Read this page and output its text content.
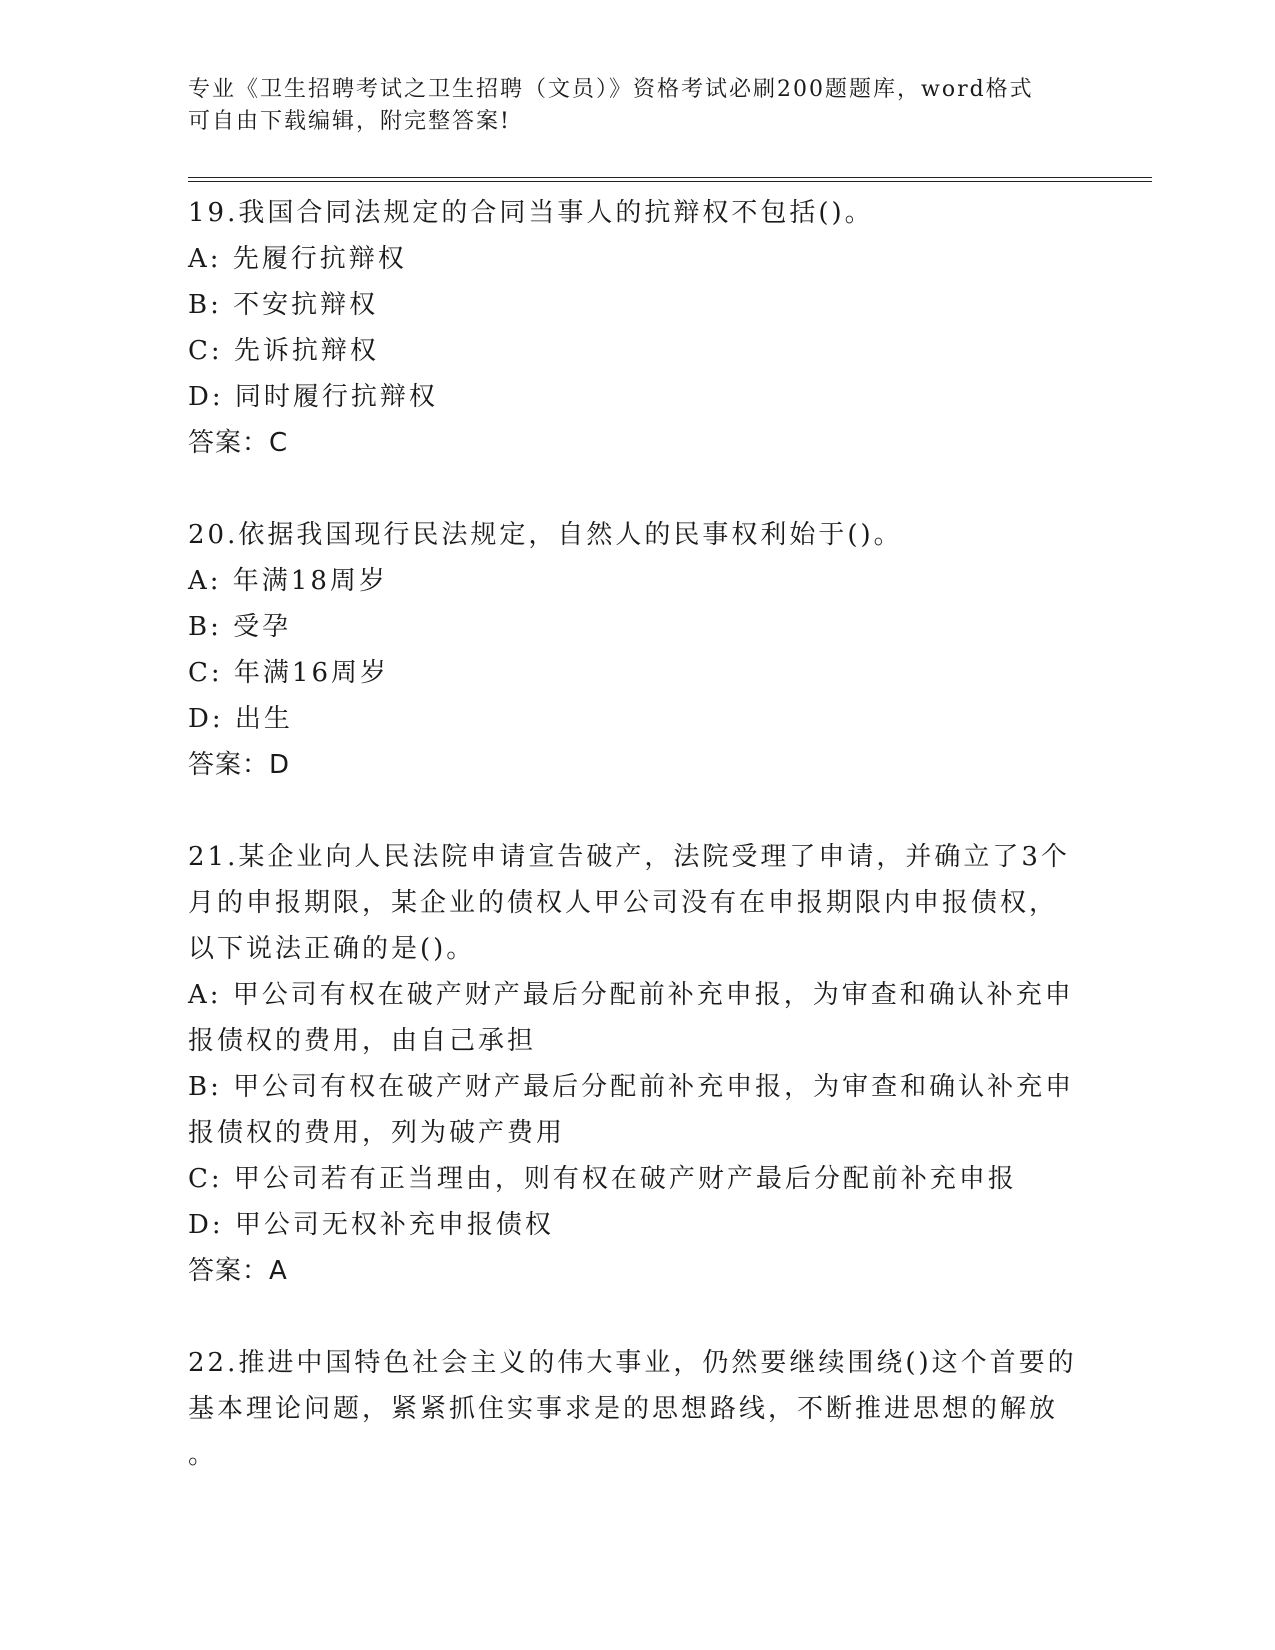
专业《卫生招聘考试之卫生招聘（文员）》资格考试必刷200题题库，word格式
可自由下载编辑，附完整答案!
19.我国合同法规定的合同当事人的抗辩权不包括()。
A: 先履行抗辩权
B: 不安抗辩权
C: 先诉抗辩权
D: 同时履行抗辩权
答案：C
20.依据我国现行民法规定，自然人的民事权利始于()。
A: 年满18周岁
B: 受孕
C: 年满16周岁
D: 出生
答案：D
21.某企业向人民法院申请宣告破产，法院受理了申请，并确立了3个
月的申报期限，某企业的债权人甲公司没有在申报期限内申报债权，
以下说法正确的是()。
A: 甲公司有权在破产财产最后分配前补充申报，为审查和确认补充申
报债权的费用，由自己承担
B: 甲公司有权在破产财产最后分配前补充申报，为审查和确认补充申
报债权的费用，列为破产费用
C: 甲公司若有正当理由，则有权在破产财产最后分配前补充申报
D: 甲公司无权补充申报债权
答案：A
22.推进中国特色社会主义的伟大事业，仍然要继续围绕()这个首要的
基本理论问题，紧紧抓住实事求是的思想路线，不断推进思想的解放
。
